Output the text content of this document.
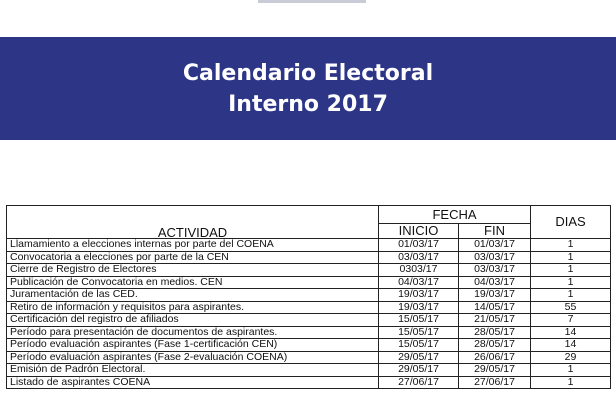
Calendario Electoral
Interno 2017
ACTIVIDAD	FECHA		DIAS
	INICIO	FIN	
Llamamiento a elecciones internas por parte del COENA	01/03/17	01/03/17	1
Convocatoria a elecciones por parte de la CEN	03/03/17	03/03/17	1
Cierre de Registro de Electores	0303/17	03/03/17	1
Publicación de Convocatoria en medios. CEN	04/03/17	04/03/17	1
Juramentación de las CED.	19/03/17	19/03/17	1
Retiro de información y requisitos para aspirantes.	19/03/17	14/05/17	55
Certificación del registro de afiliados	15/05/17	21/05/17	7
Período para presentación de documentos de aspirantes.	15/05/17	28/05/17	14
Período evaluación aspirantes (Fase 1-certificación CEN)	15/05/17	28/05/17	14
Período evaluación aspirantes (Fase 2-evaluación COENA)	29/05/17	26/06/17	29
Emisión de Padrón Electoral.	29/05/17	29/05/17	1
Listado de aspirantes COENA	27/06/17	27/06/17	1
